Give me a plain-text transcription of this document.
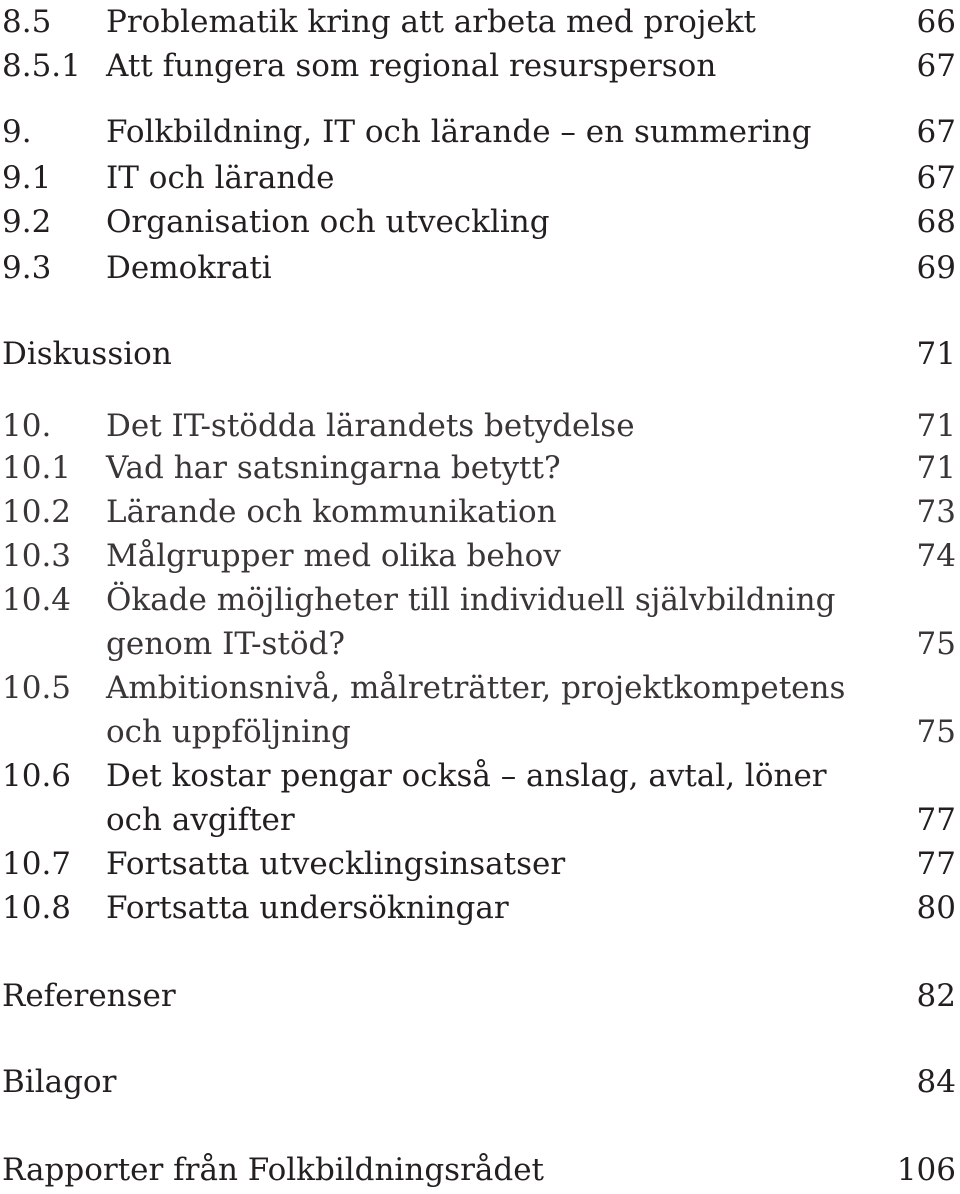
8.5 Problematik kring att arbeta med projekt	66
8.5.1 Att fungera som regional resursperson	67
9. Folkbildning, IT och lärande – en summering	67
9.1 IT och lärande	67
9.2 Organisation och utveckling	68
9.3 Demokrati	69
Diskussion	71
10. Det IT-stödda lärandets betydelse	71
10.1 Vad har satsningarna betytt?	71
10.2 Lärande och kommunikation	73
10.3 Målgrupper med olika behov	74
10.4 Ökade möjligheter till individuell självbildning
genom IT-stöd?	75
10.5 Ambitionsnivå, målreträtter, projektkompetens
och uppföljning	75
10.6 Det kostar pengar också – anslag, avtal, löner
och avgifter	77
10.7 Fortsatta utvecklingsinsatser	77
10.8 Fortsatta undersökningar	80
Referenser	82
Bilagor	84
Rapporter från Folkbildningsrådet	106
